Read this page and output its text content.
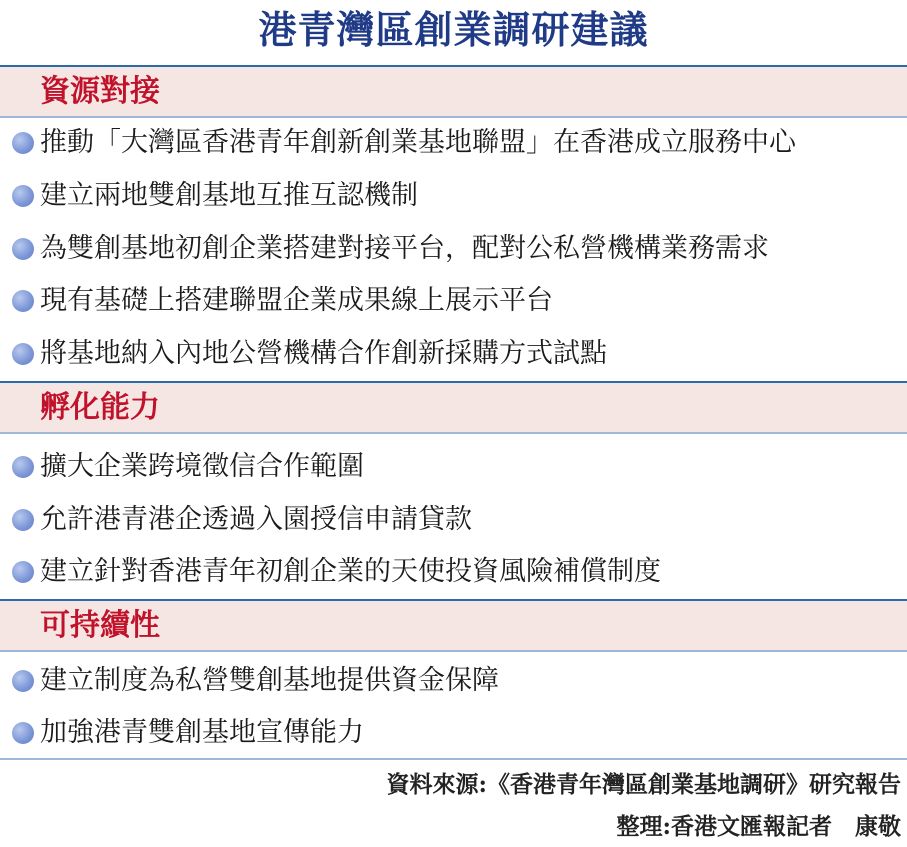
港青灣區創業調研建議
資源對接
推動「大灣區香港青年創新創業基地聯盟」在香港成立服務中心
建立兩地雙創基地互推互認機制
為雙創基地初創企業搭建對接平台，配對公私營機構業務需求
現有基礎上搭建聯盟企業成果線上展示平台
將基地納入內地公營機構合作創新採購方式試點
孵化能力
擴大企業跨境徵信合作範圍
允許港青港企透過入園授信申請貸款
建立針對香港青年初創企業的天使投資風險補償制度
可持續性
建立制度為私營雙創基地提供資金保障
加強港青雙創基地宣傳能力
資料來源:《香港青年灣區創業基地調研》研究報告
整理:香港文匯報記者　康敬
